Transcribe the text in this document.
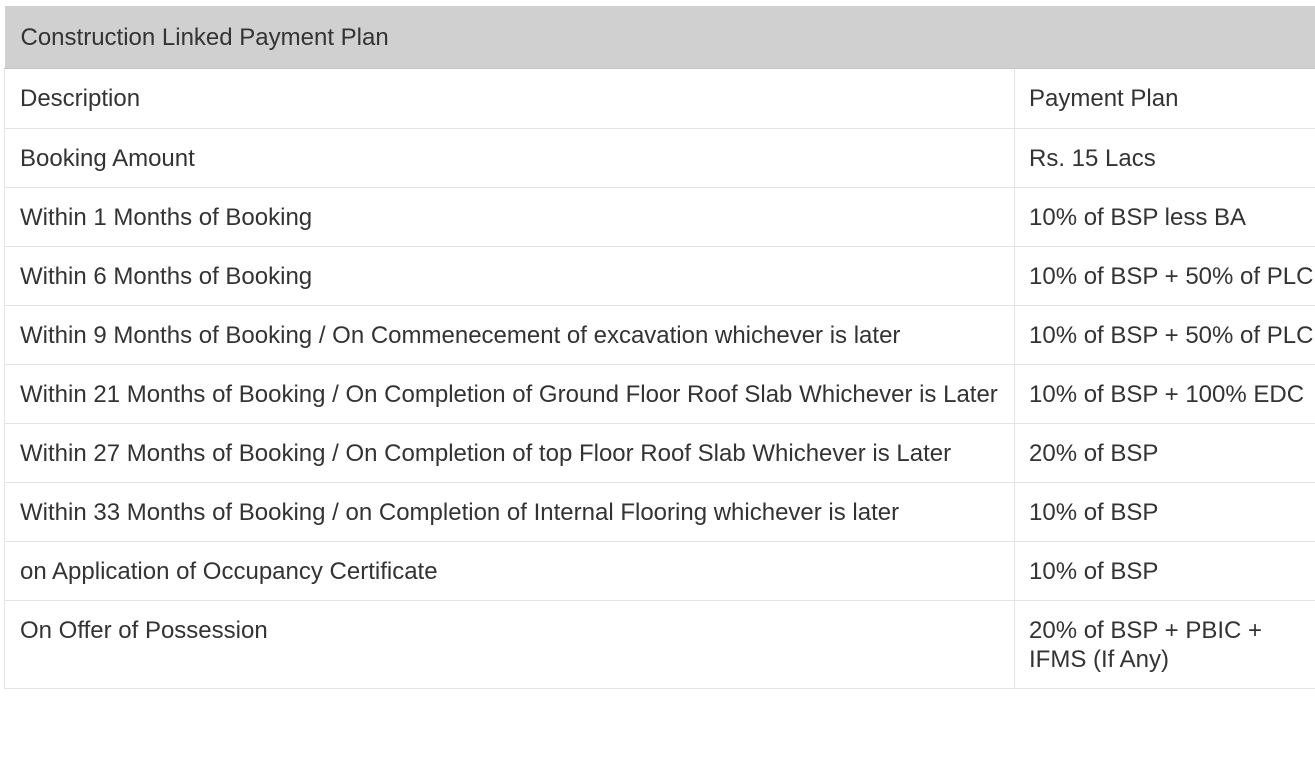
Construction Linked Payment Plan	
Description	Payment Plan
Booking Amount	Rs. 15 Lacs
Within 1 Months of Booking	10% of BSP less BA
Within 6 Months of Booking	10% of BSP + 50% of PLC
Within 9 Months of Booking / On Commenecement of excavation whichever is later	10% of BSP + 50% of PLC
Within 21 Months of Booking / On Completion of Ground Floor Roof Slab Whichever is Later	10% of BSP + 100% EDC
Within 27 Months of Booking / On Completion of top Floor Roof Slab Whichever is Later	20% of BSP
Within 33 Months of Booking / on Completion of Internal Flooring whichever is later	10% of BSP
on Application of Occupancy Certificate	10% of BSP
On Offer of Possession	20% of BSP + PBIC + IFMS (If Any)
